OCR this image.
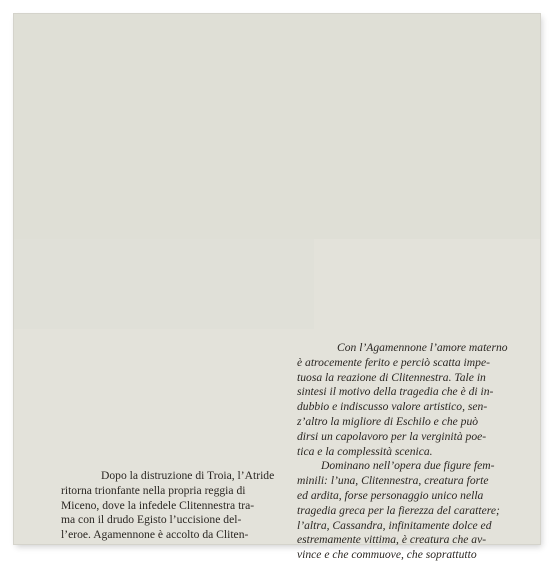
Dopo la distruzione di Troia, l’Atride

ritorna trionfante nella propria reggia di

Miceno, dove la infedele Clitennestra tra-

ma con il drudo Egisto l’uccisione del-

l’eroe. Agamennone è accolto da Cliten-

Con l’Agamennone l’amore materno

è atrocemente ferito e perciò scatta impe-

tuosa la reazione di Clitennestra. Tale in

sintesi il motivo della tragedia che è di in-

dubbio e indiscusso valore artistico, sen-

z’altro la migliore di Eschilo e che può

dirsi un capolavoro per la verginità poe-

tica e la complessità scenica.

Dominano nell’opera due figure fem-

minili: l’una, Clitennestra, creatura forte

ed ardita, forse personaggio unico nella

tragedia greca per la fierezza del carattere;

l’altra, Cassandra, infinitamente dolce ed

estremamente vittima, è creatura che av-

vince e che commuove, che soprattutto
